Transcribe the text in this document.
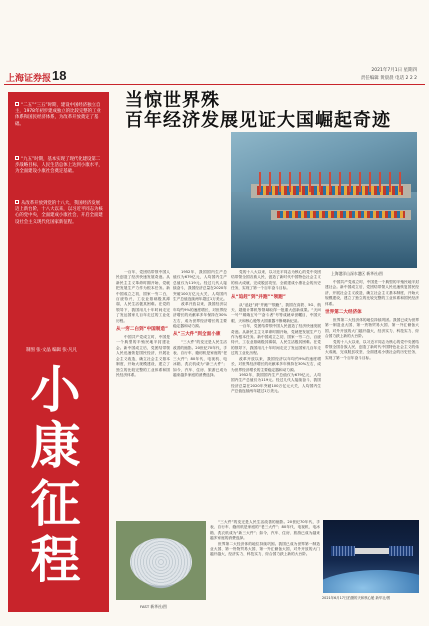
上海证券报 18	2021年7月1日 星期四
责任编辑 黄晨晨 电话 2 2 2
“二五”“三五”时期，建设中国经济独立自主，1978年初步建成独立的比较完整的工业体系和国民经济体系，为改革开放奠定了基础。
“九五”时期，基本实现了现代化建设第二步战略目标，人民生活总体上达到小康水平，为全面建设小康社会奠定基础。
从改革开放到党的十八大，我国经济发展迈上新台阶，十八大以来，以习近平同志为核心的党中央，全面建成小康社会，开启全面建设社会主义现代化国家新征程。
制图 张·文晶 编辑 张·凡凡
小康
征程
当惊世界殊
百年经济发展见证大国崛起奇迹
上海港洋山深水港区 新华社/图

一百年，党团结带领中国人民创造了经济快速发展奇迹。从新民主主义革命时期开始，党就把发展生产力作为根本任务。新中国成立之初，国家一穷二白，百废待兴，工农业基础极其薄弱，人民生活极其困难。在党的领导下，我国用几十年时间走完了发达国家几百年走过的工业化历程。

从一穷二白到“中国制造”

中国共产党成立时，中国是一个典型的半殖民地半封建社会。新中国成立后，党团结带领人民迅速恢复国民经济，开展社会主义改造，确立社会主义基本制度，开始大规模建设，建立了独立的比较完整的工业体系和国民经济体系。

1952年，我国国内生产总值仅为679亿元，人均国内生产总值仅为119元。经过几代人接续奋斗，我国经济总量在2020年突破100万亿元大关，人均国内生产总值连续两年超过1万美元。

改革开放以来，我国经济以年均约9%的速度增长，对世界经济增长的贡献率多年保持在30%左右，成为世界经济增长的主要稳定器和动力源。

从“三大件”到全面小康

“三大件”的变迁是人民生活改善的缩影。20世纪70年代，手表、自行车、缝纫机是家庭的“老三大件”；80年代，电视机、电冰箱、洗衣机成为“新三大件”；如今，汽车、住房、旅游已成为越来越多家庭的消费选择。

党的十八大以来，以习近平同志为核心的党中央团结带领全国各族人民，创造了新时代中国特色社会主义的伟大成就，完成脱贫攻坚、全面建成小康社会的历史任务，实现了第一个百年奋斗目标。

从“追赶”到“并跑”“领跑”

从“追赶”到“并跑”“领跑”，我国在高铁、5G、航天、超级计算机等领域取得一批重大创新成果。“天问一号”“嫦娥五号”“奋斗者”号等成就举世瞩目，中国天眼、天和核心舱等大国重器不断刷新纪录。

一百年，党团结带领中国人民创造了经济快速发展奇迹。从新民主主义革命时期开始，党就把发展生产力作为根本任务。新中国成立之初，国家一穷二白，百废待兴，工农业基础极其薄弱，人民生活极其困难。在党的领导下，我国用几十年时间走完了发达国家几百年走过的工业化历程。

改革开放以来，我国经济以年均约9%的速度增长，对世界经济增长的贡献率多年保持在30%左右，成为世界经济增长的主要稳定器和动力源。

1952年，我国国内生产总值仅为679亿元，人均国内生产总值仅为119元。经过几代人接续奋斗，我国经济总量在2020年突破100万亿元大关，人均国内生产总值连续两年超过1万美元。

中国共产党成立时，中国是一个典型的半殖民地半封建社会。新中国成立后，党团结带领人民迅速恢复国民经济，开展社会主义改造，确立社会主义基本制度，开始大规模建设，建立了独立的比较完整的工业体系和国民经济体系。

世界第二大经济体

世界第二大经济体的地位持续巩固。我国已成为世界第一制造业大国、第一货物贸易大国、第一外汇储备大国，对外开放的大门越开越大，经济实力、科技实力、综合国力跃上新的大台阶。

党的十八大以来，以习近平同志为核心的党中央团结带领全国各族人民，创造了新时代中国特色社会主义的伟大成就，完成脱贫攻坚、全面建成小康社会的历史任务，实现了第一个百年奋斗目标。

“三大件”的变迁是人民生活改善的缩影。20世纪70年代，手表、自行车、缝纫机是家庭的“老三大件”；80年代，电视机、电冰箱、洗衣机成为“新三大件”；如今，汽车、住房、旅游已成为越来越多家庭的消费选择。

世界第二大经济体的地位持续巩固。我国已成为世界第一制造业大国、第一货物贸易大国、第一外汇储备大国，对外开放的大门越开越大，经济实力、科技实力、综合国力跃上新的大台阶。

FAST 新华社/图
2021年6月17日拍摄的天和核心舱 新华社/图
